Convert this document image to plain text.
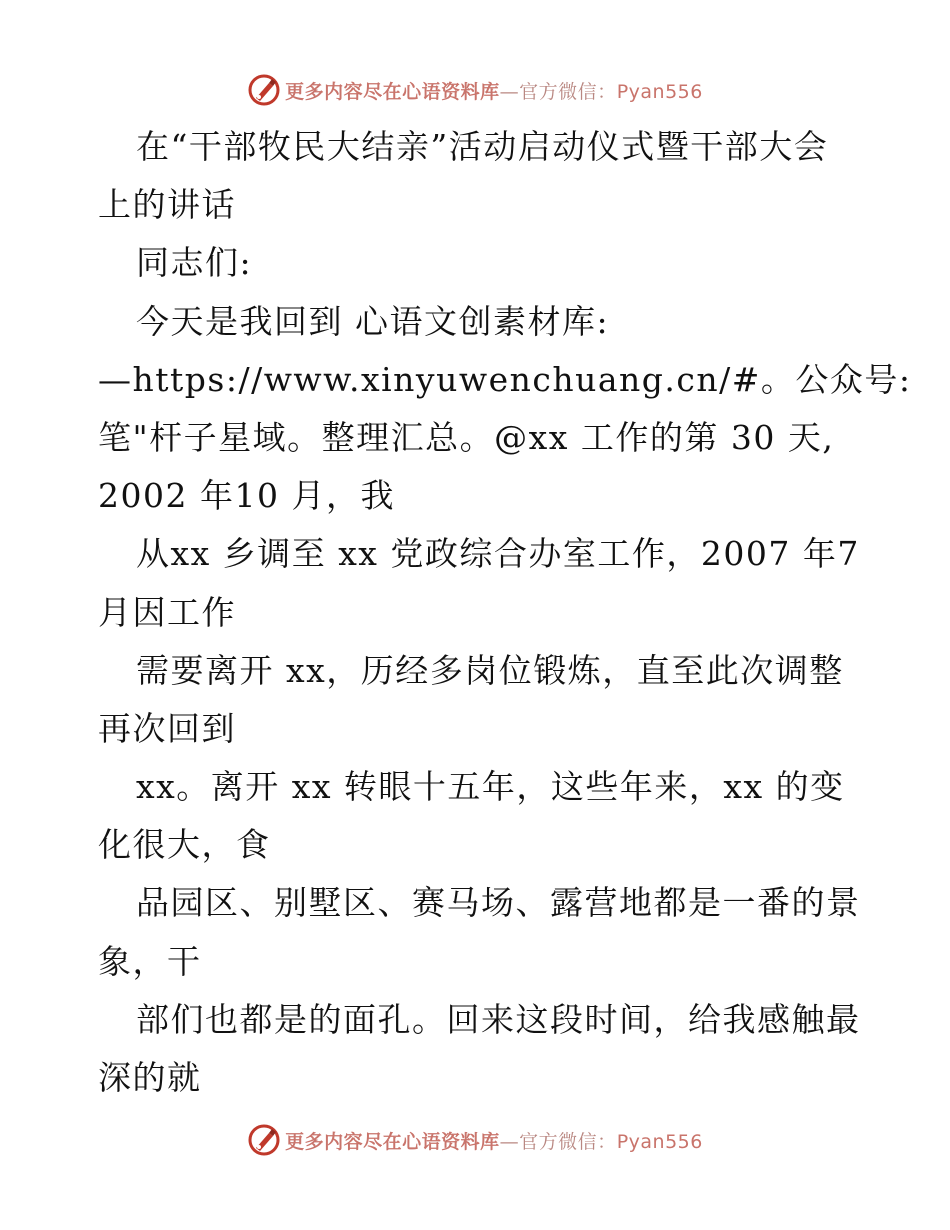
更多内容尽在心语资料库—官方微信：Pyan556
在“干部牧民大结亲”活动启动仪式暨干部大会
上的讲话
同志们:
今天是我回到 心语文创素材库:
—https://www.xinyuwenchuang.cn/#。公众号:
笔"杆子星域。整理汇总。@xx 工作的第 30 天,
2002 年10 月，我
从xx 乡调至 xx 党政综合办室工作，2007 年7
月因工作
需要离开 xx，历经多岗位锻炼，直至此次调整
再次回到
xx。离开 xx 转眼十五年，这些年来，xx 的变
化很大，食
品园区、别墅区、赛马场、露营地都是一番的景
象，干
部们也都是的面孔。回来这段时间，给我感触最
深的就
更多内容尽在心语资料库—官方微信：Pyan556
